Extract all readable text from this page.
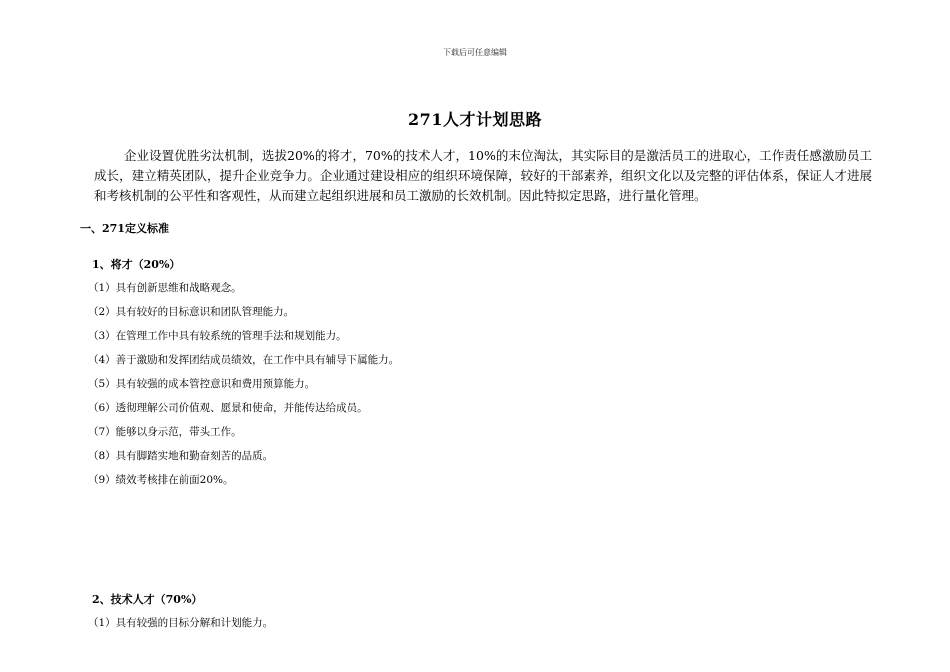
下载后可任意编辑
271人才计划思路
企业设置优胜劣汰机制，选拔20%的将才，70%的技术人才，10%的末位淘汰，其实际目的是激活员工的进取心，工作责任感激励员工成长，建立精英团队，提升企业竞争力。企业通过建设相应的组织环境保障，较好的干部素养，组织文化以及完整的评估体系，保证人才进展和考核机制的公平性和客观性，从而建立起组织进展和员工激励的长效机制。因此特拟定思路，进行量化管理。
一、271定义标准
1、将才（20%）
（1）具有创新思维和战略观念。
（2）具有较好的目标意识和团队管理能力。
（3）在管理工作中具有较系统的管理手法和规划能力。
（4）善于激励和发挥团结成员绩效，在工作中具有辅导下属能力。
（5）具有较强的成本管控意识和费用预算能力。
（6）透彻理解公司价值观、愿景和使命，并能传达给成员。
（7）能够以身示范，带头工作。
（8）具有脚踏实地和勤奋刻苦的品质。
（9）绩效考核排在前面20%。
2、技术人才（70%）
（1）具有较强的目标分解和计划能力。
